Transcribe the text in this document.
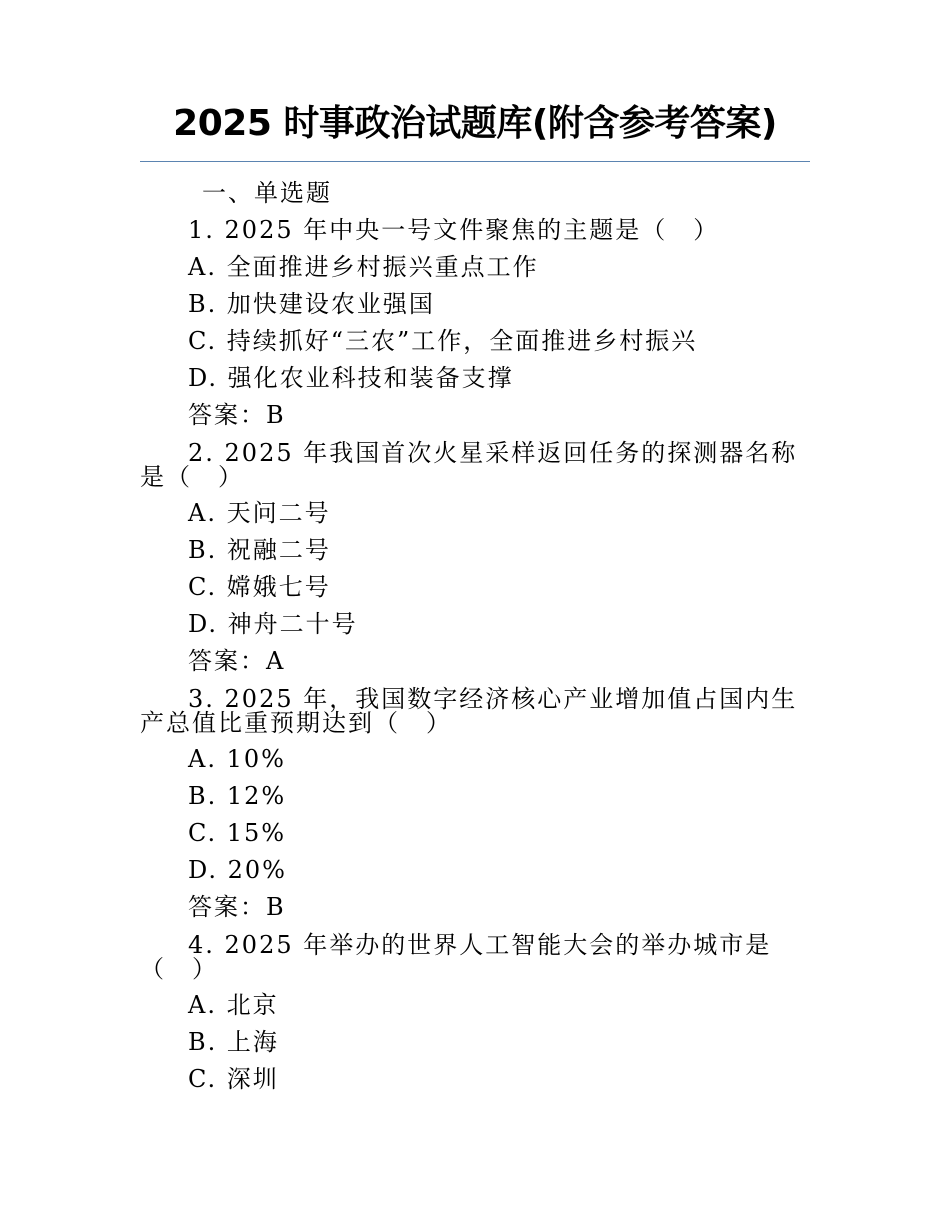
2025 时事政治试题库(附含参考答案)
一、单选题
1. 2025 年中央一号文件聚焦的主题是（　）
A. 全面推进乡村振兴重点工作
B. 加快建设农业强国
C. 持续抓好“三农”工作，全面推进乡村振兴
D. 强化农业科技和装备支撑
答案：B
2. 2025 年我国首次火星采样返回任务的探测器名称是（　）
A. 天问二号
B. 祝融二号
C. 嫦娥七号
D. 神舟二十号
答案：A
3. 2025 年，我国数字经济核心产业增加值占国内生产总值比重预期达到（　）
A. 10%
B. 12%
C. 15%
D. 20%
答案：B
4. 2025 年举办的世界人工智能大会的举办城市是（　）
A. 北京
B. 上海
C. 深圳
